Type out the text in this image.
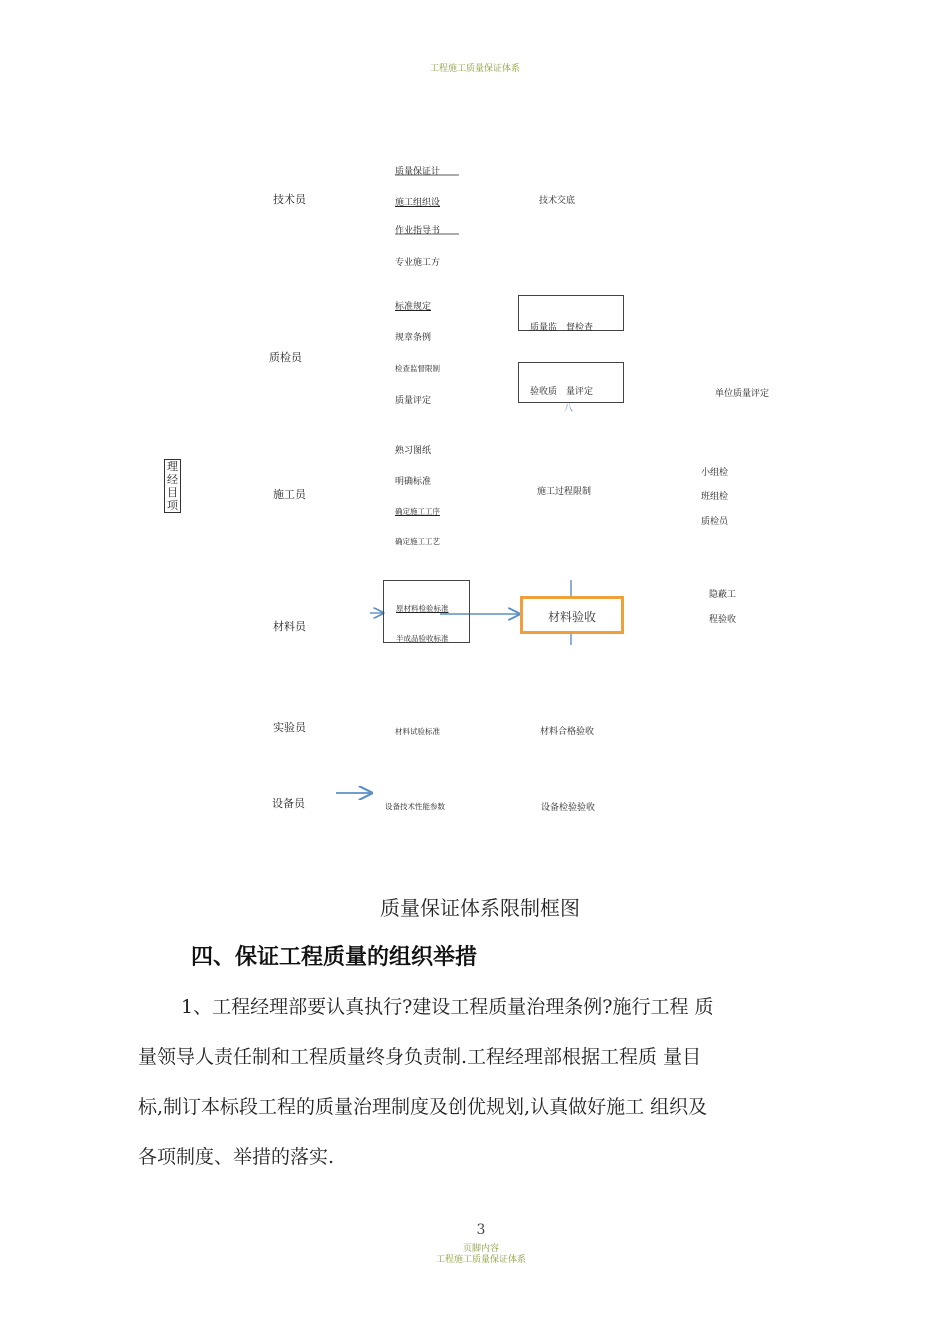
工程施工质量保证体系
理
经
目
项
技术员
质检员
施工员
材料员
实验员
设备员
质量保证计
施工组织设
作业指导书
专业施工方
技术交底
标准规定
规章条例
检查监督限制
质量评定
质量监　督检查
验收质　量评定
八
单位质量评定
熟习图纸
明确标准
确定施工工序
确定施工工艺
施工过程限制
小组检
班组检
质检员
原材料检验标准
半成品验收标准
材料验收
隐蔽工
程验收
材料试验标准	材料合格验收
设备技术性能参数	设备检验验收
质量保证体系限制框图
四、保证工程质量的组织举措
1、工程经理部要认真执行?建设工程质量治理条例?施行工程 质
量领导人责任制和工程质量终身负责制.工程经理部根据工程质 量目
标,制订本标段工程的质量治理制度及创优规划,认真做好施工 组织及
各项制度、举措的落实.
3
页脚内容
工程施工质量保证体系
